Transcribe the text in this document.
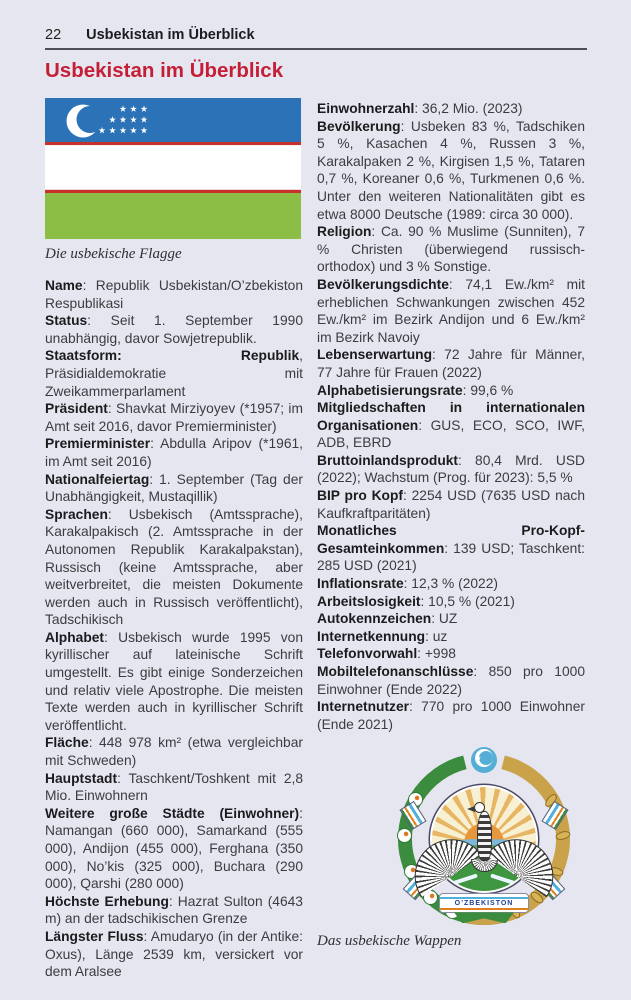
22 Usbekistan im Überblick
Usbekistan im Überblick
Die usbekische Flagge

Name: Republik Usbekistan/O’zbekiston Respublikasi

Status: Seit 1. September 1990 unabhängig, davor Sowjetrepublik.

Staatsform: Republik, Präsidialdemokratie mit Zweikammerparlament

Präsident: Shavkat Mirziyoyev (*1957; im Amt seit 2016, davor Premierminister)

Premierminister: Abdulla Aripov (*1961, im Amt seit 2016)

Nationalfeiertag: 1. September (Tag der Unabhängigkeit, Mustaqillik)

Sprachen: Usbekisch (Amtssprache), Karakalpakisch (2. Amtssprache in der Autonomen Republik Karakalpakstan), Russisch (keine Amtssprache, aber weitverbreitet, die meisten Dokumente werden auch in Russisch veröffentlicht), Tadschikisch

Alphabet: Usbekisch wurde 1995 von kyrillischer auf lateinische Schrift umgestellt. Es gibt einige Sonderzeichen und relativ viele Apostrophe. Die meisten Texte werden auch in kyrillischer Schrift veröffentlicht.

Fläche: 448 978 km² (etwa vergleichbar mit Schweden)

Hauptstadt: Taschkent/Toshkent mit 2,8 Mio. Einwohnern

Weitere große Städte (Einwohner): Namangan (660 000), Samarkand (555 000), Andijon (455 000), Ferghana (350 000), No’kis (325 000), Buchara (290 000), Qarshi (280 000)

Höchste Erhebung: Hazrat Sulton (4643 m) an der tadschikischen Grenze

Längster Fluss: Amudaryo (in der Antike: Oxus), Länge 2539 km, versickert vor dem Aralsee

Einwohnerzahl: 36,2 Mio. (2023)

Bevölkerung: Usbeken 83 %, Tadschiken 5 %, Kasachen 4 %, Russen 3 %, Karakalpaken 2 %, Kirgisen 1,5 %, Tataren 0,7 %, Koreaner 0,6 %, Turkmenen 0,6 %. Unter den weiteren Nationalitäten gibt es etwa 8000 Deutsche (1989: circa 30 000).

Religion: Ca. 90 % Muslime (Sunniten), 7 % Christen (überwiegend russisch-orthodox) und 3 % Sonstige.

Bevölkerungsdichte: 74,1 Ew./km² mit erheblichen Schwankungen zwischen 452 Ew./km² im Bezirk Andijon und 6 Ew./km² im Bezirk Navoiy

Lebenserwartung: 72 Jahre für Männer, 77 Jahre für Frauen (2022)

Alphabetisierungsrate: 99,6 %

Mitgliedschaften in internationalen Organisationen: GUS, ECO, SCO, IWF, ADB, EBRD

Bruttoinlandsprodukt: 80,4 Mrd. USD (2022); Wachstum (Prog. für 2023): 5,5 %

BIP pro Kopf: 2254 USD (7635 USD nach Kaufkraftparitäten)

Monatliches Pro-Kopf-Gesamteinkommen: 139 USD; Taschkent: 285 USD (2021)

Inflationsrate: 12,3 % (2022)

Arbeitslosigkeit: 10,5 % (2021)

Autokennzeichen: UZ

Internetkennung: uz

Telefonvorwahl: +998

Mobiltelefonanschlüsse: 850 pro 1000 Einwohner (Ende 2022)

Internetnutzer: 770 pro 1000 Einwohner (Ende 2021)

O’ZBEKISTON
Das usbekische Wappen
